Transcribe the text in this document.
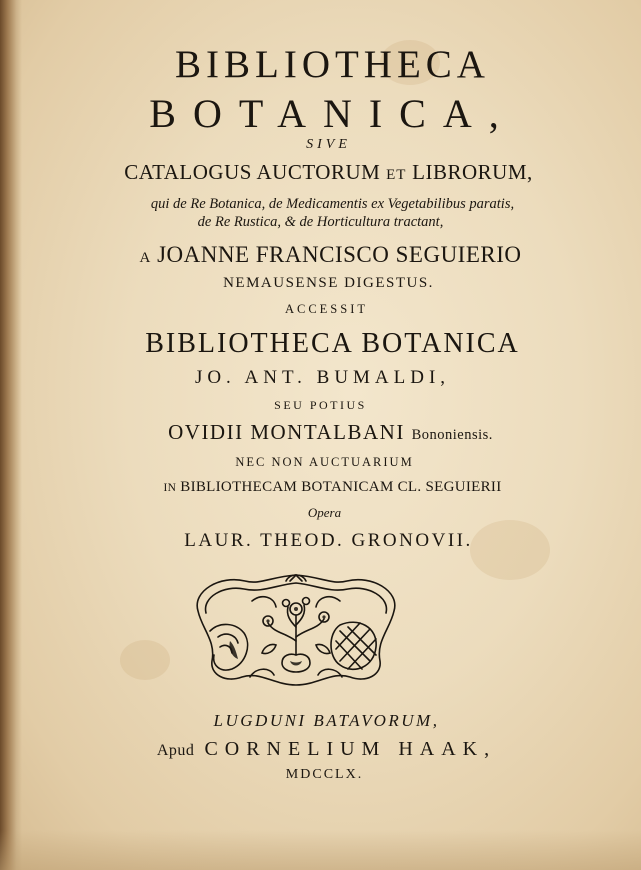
BIBLIOTHECA
BOTANICA,
SIVE
CATALOGUS AUCTORUM ET LIBRORUM,
qui de Re Botanica, de Medicamentis ex Vegetabilibus paratis,
de Re Rustica, & de Horticultura tractant,
A JOANNE FRANCISCO SEGUIERIO
NEMAUSENSE DIGESTUS.
ACCESSIT
BIBLIOTHECA BOTANICA
JO. ANT. BUMALDI,
SEU POTIUS
OVIDII MONTALBANI Bononiensis.
NEC NON AUCTUARIUM
IN BIBLIOTHECAM BOTANICAM CL. SEGUIERII
Opera
LAUR. THEOD. GRONOVII.
LUGDUNI BATAVORUM,
Apud CORNELIUM HAAK,
MDCCLX.
